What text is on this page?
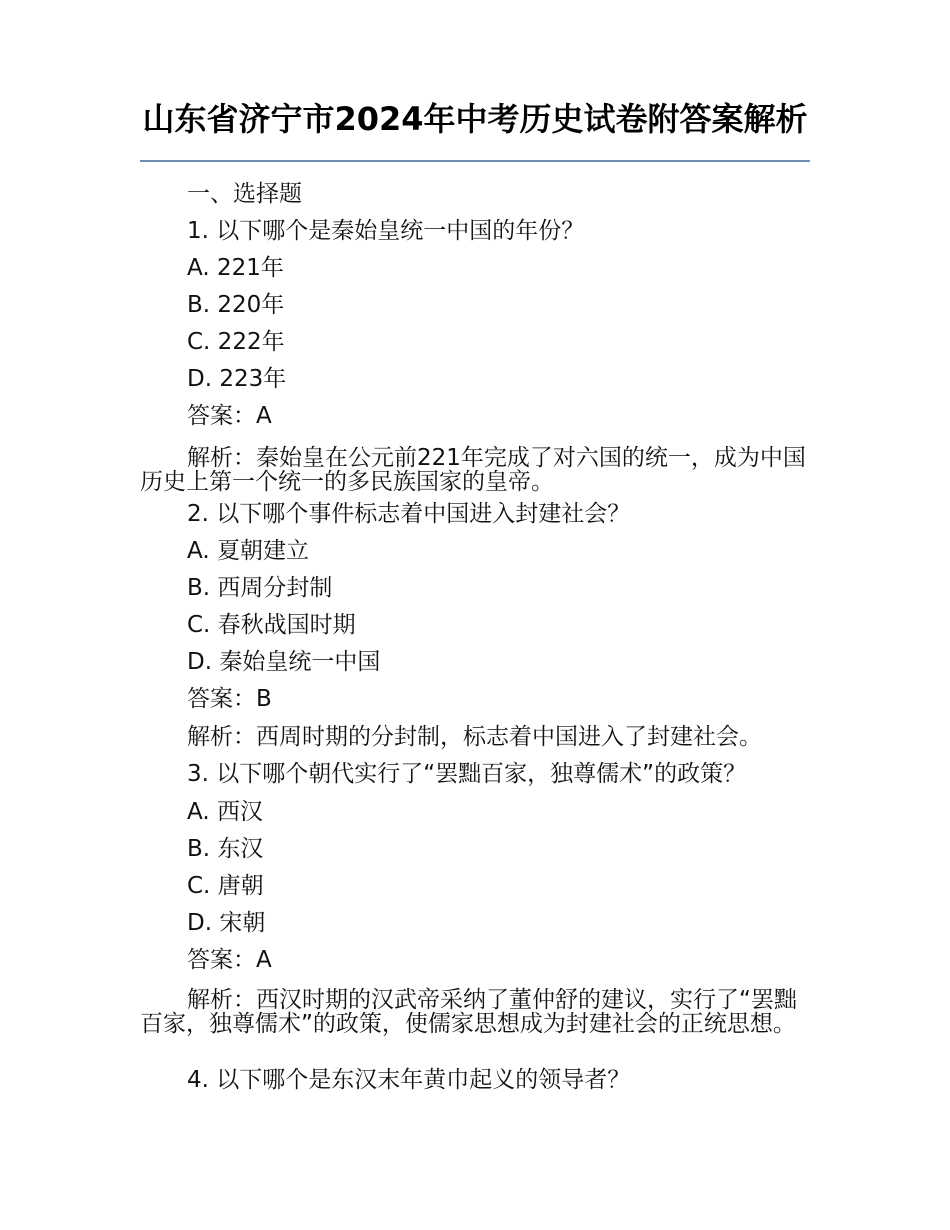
山东省济宁市2024年中考历史试卷附答案解析
一、选择题
1. 以下哪个是秦始皇统一中国的年份？
A. 221年
B. 220年
C. 222年
D. 223年
答案：A
解析：秦始皇在公元前221年完成了对六国的统一，成为中国历史上第一个统一的多民族国家的皇帝。
2. 以下哪个事件标志着中国进入封建社会？
A. 夏朝建立
B. 西周分封制
C. 春秋战国时期
D. 秦始皇统一中国
答案：B
解析：西周时期的分封制，标志着中国进入了封建社会。
3. 以下哪个朝代实行了“罢黜百家，独尊儒术”的政策？
A. 西汉
B. 东汉
C. 唐朝
D. 宋朝
答案：A
解析：西汉时期的汉武帝采纳了董仲舒的建议，实行了“罢黜百家，独尊儒术”的政策，使儒家思想成为封建社会的正统思想。
4. 以下哪个是东汉末年黄巾起义的领导者？
